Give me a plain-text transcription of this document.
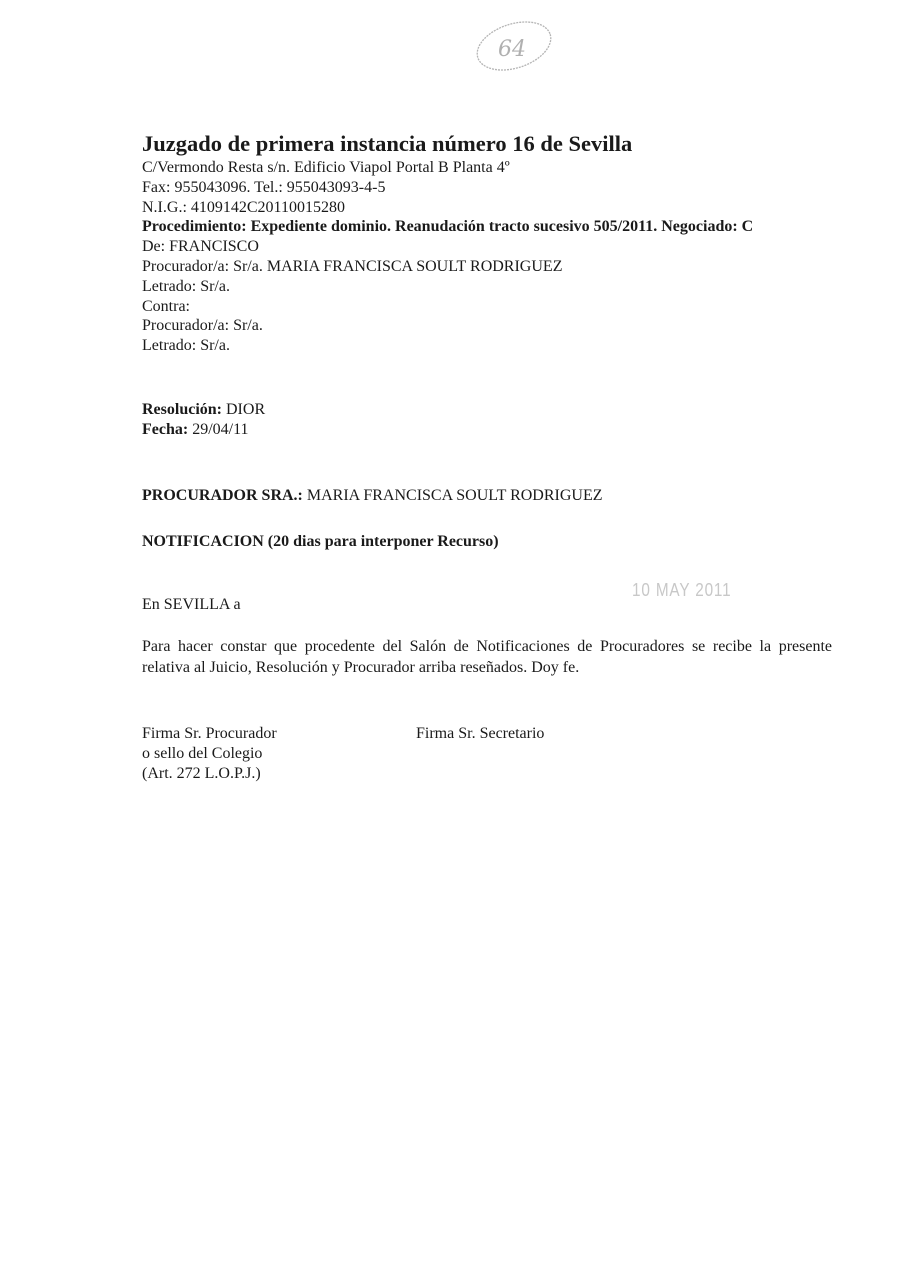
64
Juzgado de primera instancia número 16 de Sevilla
C/Vermondo Resta s/n. Edificio Viapol Portal B Planta 4º
Fax: 955043096. Tel.: 955043093-4-5
N.I.G.: 4109142C20110015280
Procedimiento: Expediente dominio. Reanudación tracto sucesivo 505/2011. Negociado: C
De: FRANCISCO
Procurador/a: Sr/a. MARIA FRANCISCA SOULT RODRIGUEZ
Letrado: Sr/a.
Contra:
Procurador/a: Sr/a.
Letrado: Sr/a.
Resolución: DIOR
Fecha: 29/04/11
PROCURADOR SRA.: MARIA FRANCISCA SOULT RODRIGUEZ
NOTIFICACION (20 dias para interponer Recurso)
En SEVILLA a
10 MAY 2011
Para hacer constar que procedente del Salón de Notificaciones de Procuradores se recibe la presente relativa al Juicio, Resolución y Procurador arriba reseñados. Doy fe.
Firma Sr. Procurador
o sello del Colegio
(Art. 272 L.O.P.J.)
Firma Sr. Secretario
